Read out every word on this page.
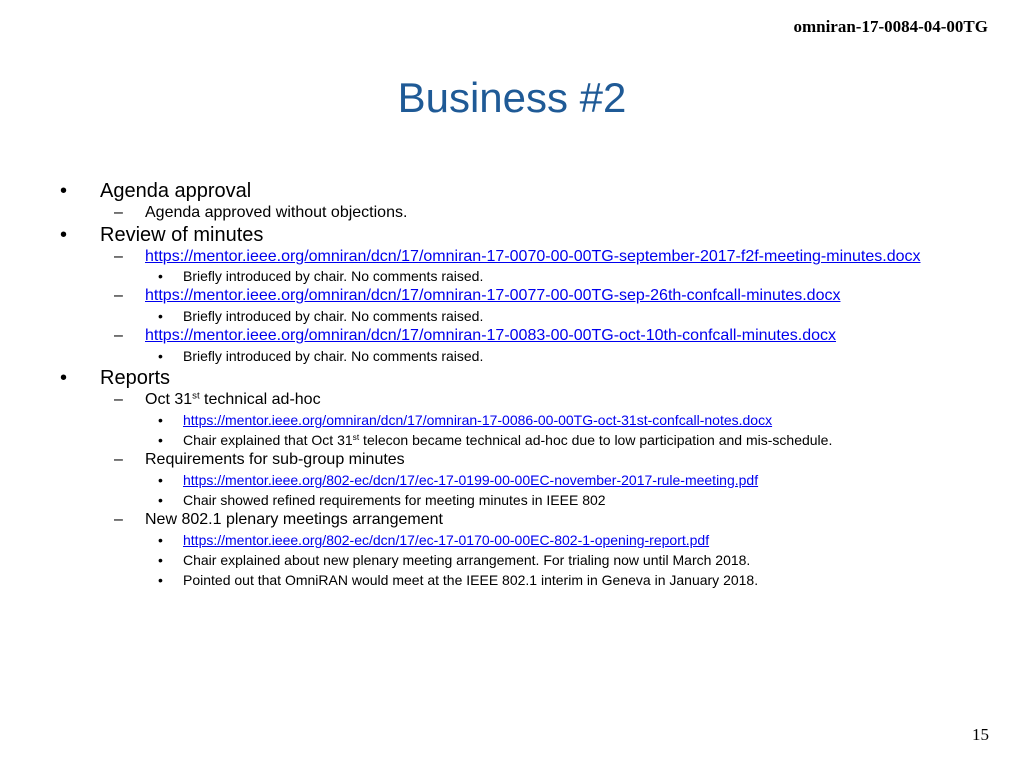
omniran-17-0084-04-00TG
Business #2
• Agenda approval
– Agenda approved without objections.
• Review of minutes
– https://mentor.ieee.org/omniran/dcn/17/omniran-17-0070-00-00TG-september-2017-f2f-meeting-minutes.docx
• Briefly introduced by chair. No comments raised.
– https://mentor.ieee.org/omniran/dcn/17/omniran-17-0077-00-00TG-sep-26th-confcall-minutes.docx
• Briefly introduced by chair. No comments raised.
– https://mentor.ieee.org/omniran/dcn/17/omniran-17-0083-00-00TG-oct-10th-confcall-minutes.docx
• Briefly introduced by chair. No comments raised.
• Reports
– Oct 31st technical ad-hoc
• https://mentor.ieee.org/omniran/dcn/17/omniran-17-0086-00-00TG-oct-31st-confcall-notes.docx
• Chair explained that Oct 31st telecon became technical ad-hoc due to low participation and mis-schedule.
– Requirements for sub-group minutes
• https://mentor.ieee.org/802-ec/dcn/17/ec-17-0199-00-00EC-november-2017-rule-meeting.pdf
• Chair showed refined requirements for meeting minutes in IEEE 802
– New 802.1 plenary meetings arrangement
• https://mentor.ieee.org/802-ec/dcn/17/ec-17-0170-00-00EC-802-1-opening-report.pdf
• Chair explained about new plenary meeting arrangement. For trialing now until March 2018.
• Pointed out that OmniRAN would meet at the IEEE 802.1 interim in Geneva in January 2018.
15
